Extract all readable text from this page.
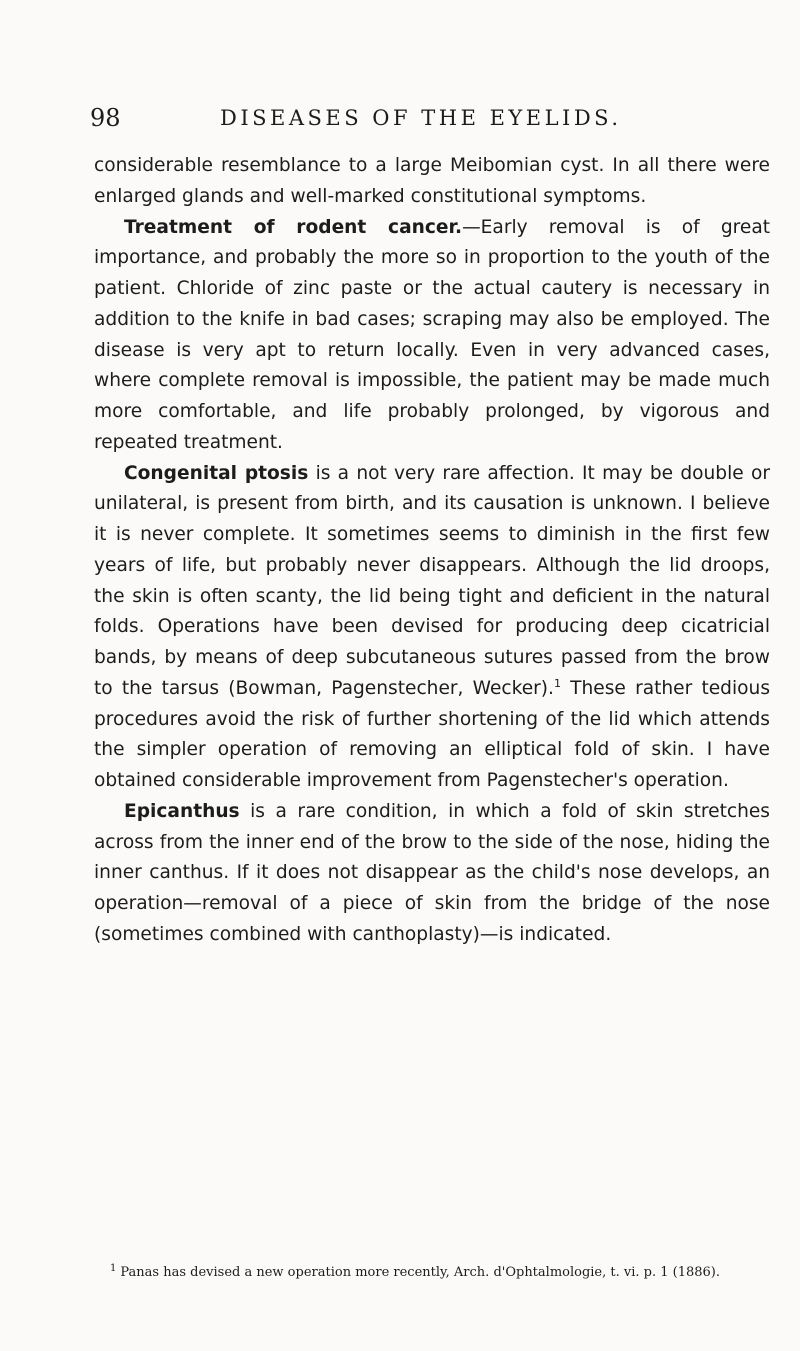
98	DISEASES OF THE EYELIDS.

considerable resemblance to a large Meibomian cyst. In all there were enlarged glands and well-marked constitutional symptoms.

Treatment of rodent cancer.—Early removal is of great importance, and probably the more so in proportion to the youth of the patient. Chloride of zinc paste or the actual cautery is necessary in addition to the knife in bad cases; scraping may also be employed. The disease is very apt to return locally. Even in very advanced cases, where complete removal is impossible, the patient may be made much more comfortable, and life probably prolonged, by vigorous and repeated treatment.

Congenital ptosis is a not very rare affection. It may be double or unilateral, is present from birth, and its causation is unknown. I believe it is never complete. It sometimes seems to diminish in the first few years of life, but probably never disappears. Although the lid droops, the skin is often scanty, the lid being tight and deficient in the natural folds. Operations have been devised for producing deep cicatricial bands, by means of deep subcutaneous sutures passed from the brow to the tarsus (Bowman, Pagenstecher, Wecker).$^1$ These rather tedious procedures avoid the risk of further shortening of the lid which attends the simpler operation of removing an elliptical fold of skin. I have obtained considerable improvement from Pagenstecher's operation.

Epicanthus is a rare condition, in which a fold of skin stretches across from the inner end of the brow to the side of the nose, hiding the inner canthus. If it does not disappear as the child's nose develops, an operation—removal of a piece of skin from the bridge of the nose (sometimes combined with canthoplasty)—is indicated.

$^1$ Panas has devised a new operation more recently, Arch. d'Ophtalmologie, t. vi. p. 1 (1886).
